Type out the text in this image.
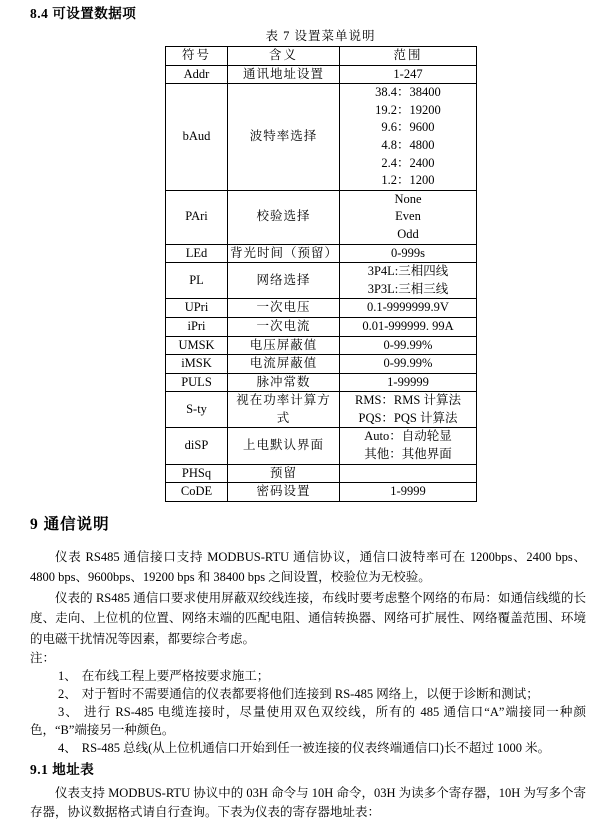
8.4 可设置数据项
表 7 设置菜单说明
符号	含义	范围
Addr	通讯地址设置	1-247

bAud	波特率选择	
38.4：38400
19.2：19200
9.6：9600
4.8：4800
2.4：2400
1.2：1200

PAri	校验选择	None
Even
Odd

LEd	背光时间（预留）	0-999s

PL	网络选择	3P4L:三相四线
3P3L:三相三线

UPri	一次电压	0.1-9999999.9V

iPri	一次电流	0.01-999999. 99A

UMSK	电压屏蔽值	0-99.99%

iMSK	电流屏蔽值	0-99.99%

PULS	脉冲常数	1-99999

S-ty	视在功率计算方式	RMS：RMS 计算法
PQS：PQS 计算法

diSP	上电默认界面	Auto：自动轮显
其他：其他界面

PHSq	预留	
CoDE	密码设置	1-9999
9 通信说明

仪表 RS485 通信接口支持 MODBUS-RTU 通信协议，通信口波特率可在 1200bps、2400 bps、4800 bps、9600bps、19200 bps 和 38400 bps 之间设置，校验位为无校验。

仪表的 RS485 通信口要求使用屏蔽双绞线连接，布线时要考虑整个网络的布局：如通信线缆的长度、走向、上位机的位置、网络末端的匹配电阻、通信转换器、网络可扩展性、网络覆盖范围、环境的电磁干扰情况等因素，都要综合考虑。

注：
1、 在布线工程上要严格按要求施工；
2、 对于暂时不需要通信的仪表都要将他们连接到 RS-485 网络上，以便于诊断和测试；
3、 进行 RS-485 电缆连接时，尽量使用双色双绞线，所有的 485 通信口“A”端接同一种颜色，“B”端接另一种颜色。
4、 RS-485 总线(从上位机通信口开始到任一被连接的仪表终端通信口)长不超过 1000 米。
9.1 地址表

仪表支持 MODBUS-RTU 协议中的 03H 命令与 10H 命令，03H 为读多个寄存器，10H 为写多个寄存器，协议数据格式请自行查询。下表为仪表的寄存器地址表：
